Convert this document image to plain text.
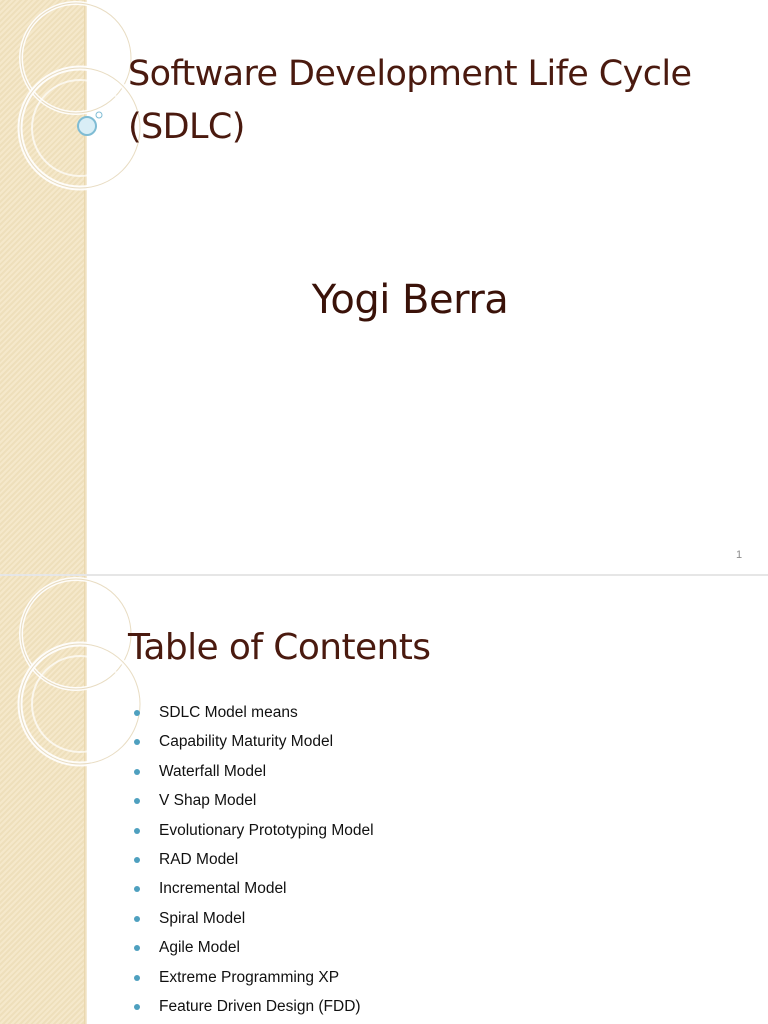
Software Development Life Cycle (SDLC)
Yogi Berra
1
Table of Contents
SDLC Model means
Capability Maturity Model
Waterfall Model
V Shap Model
Evolutionary Prototyping Model
RAD Model
Incremental Model
Spiral Model
Agile Model
Extreme Programming XP
Feature Driven Design (FDD)
